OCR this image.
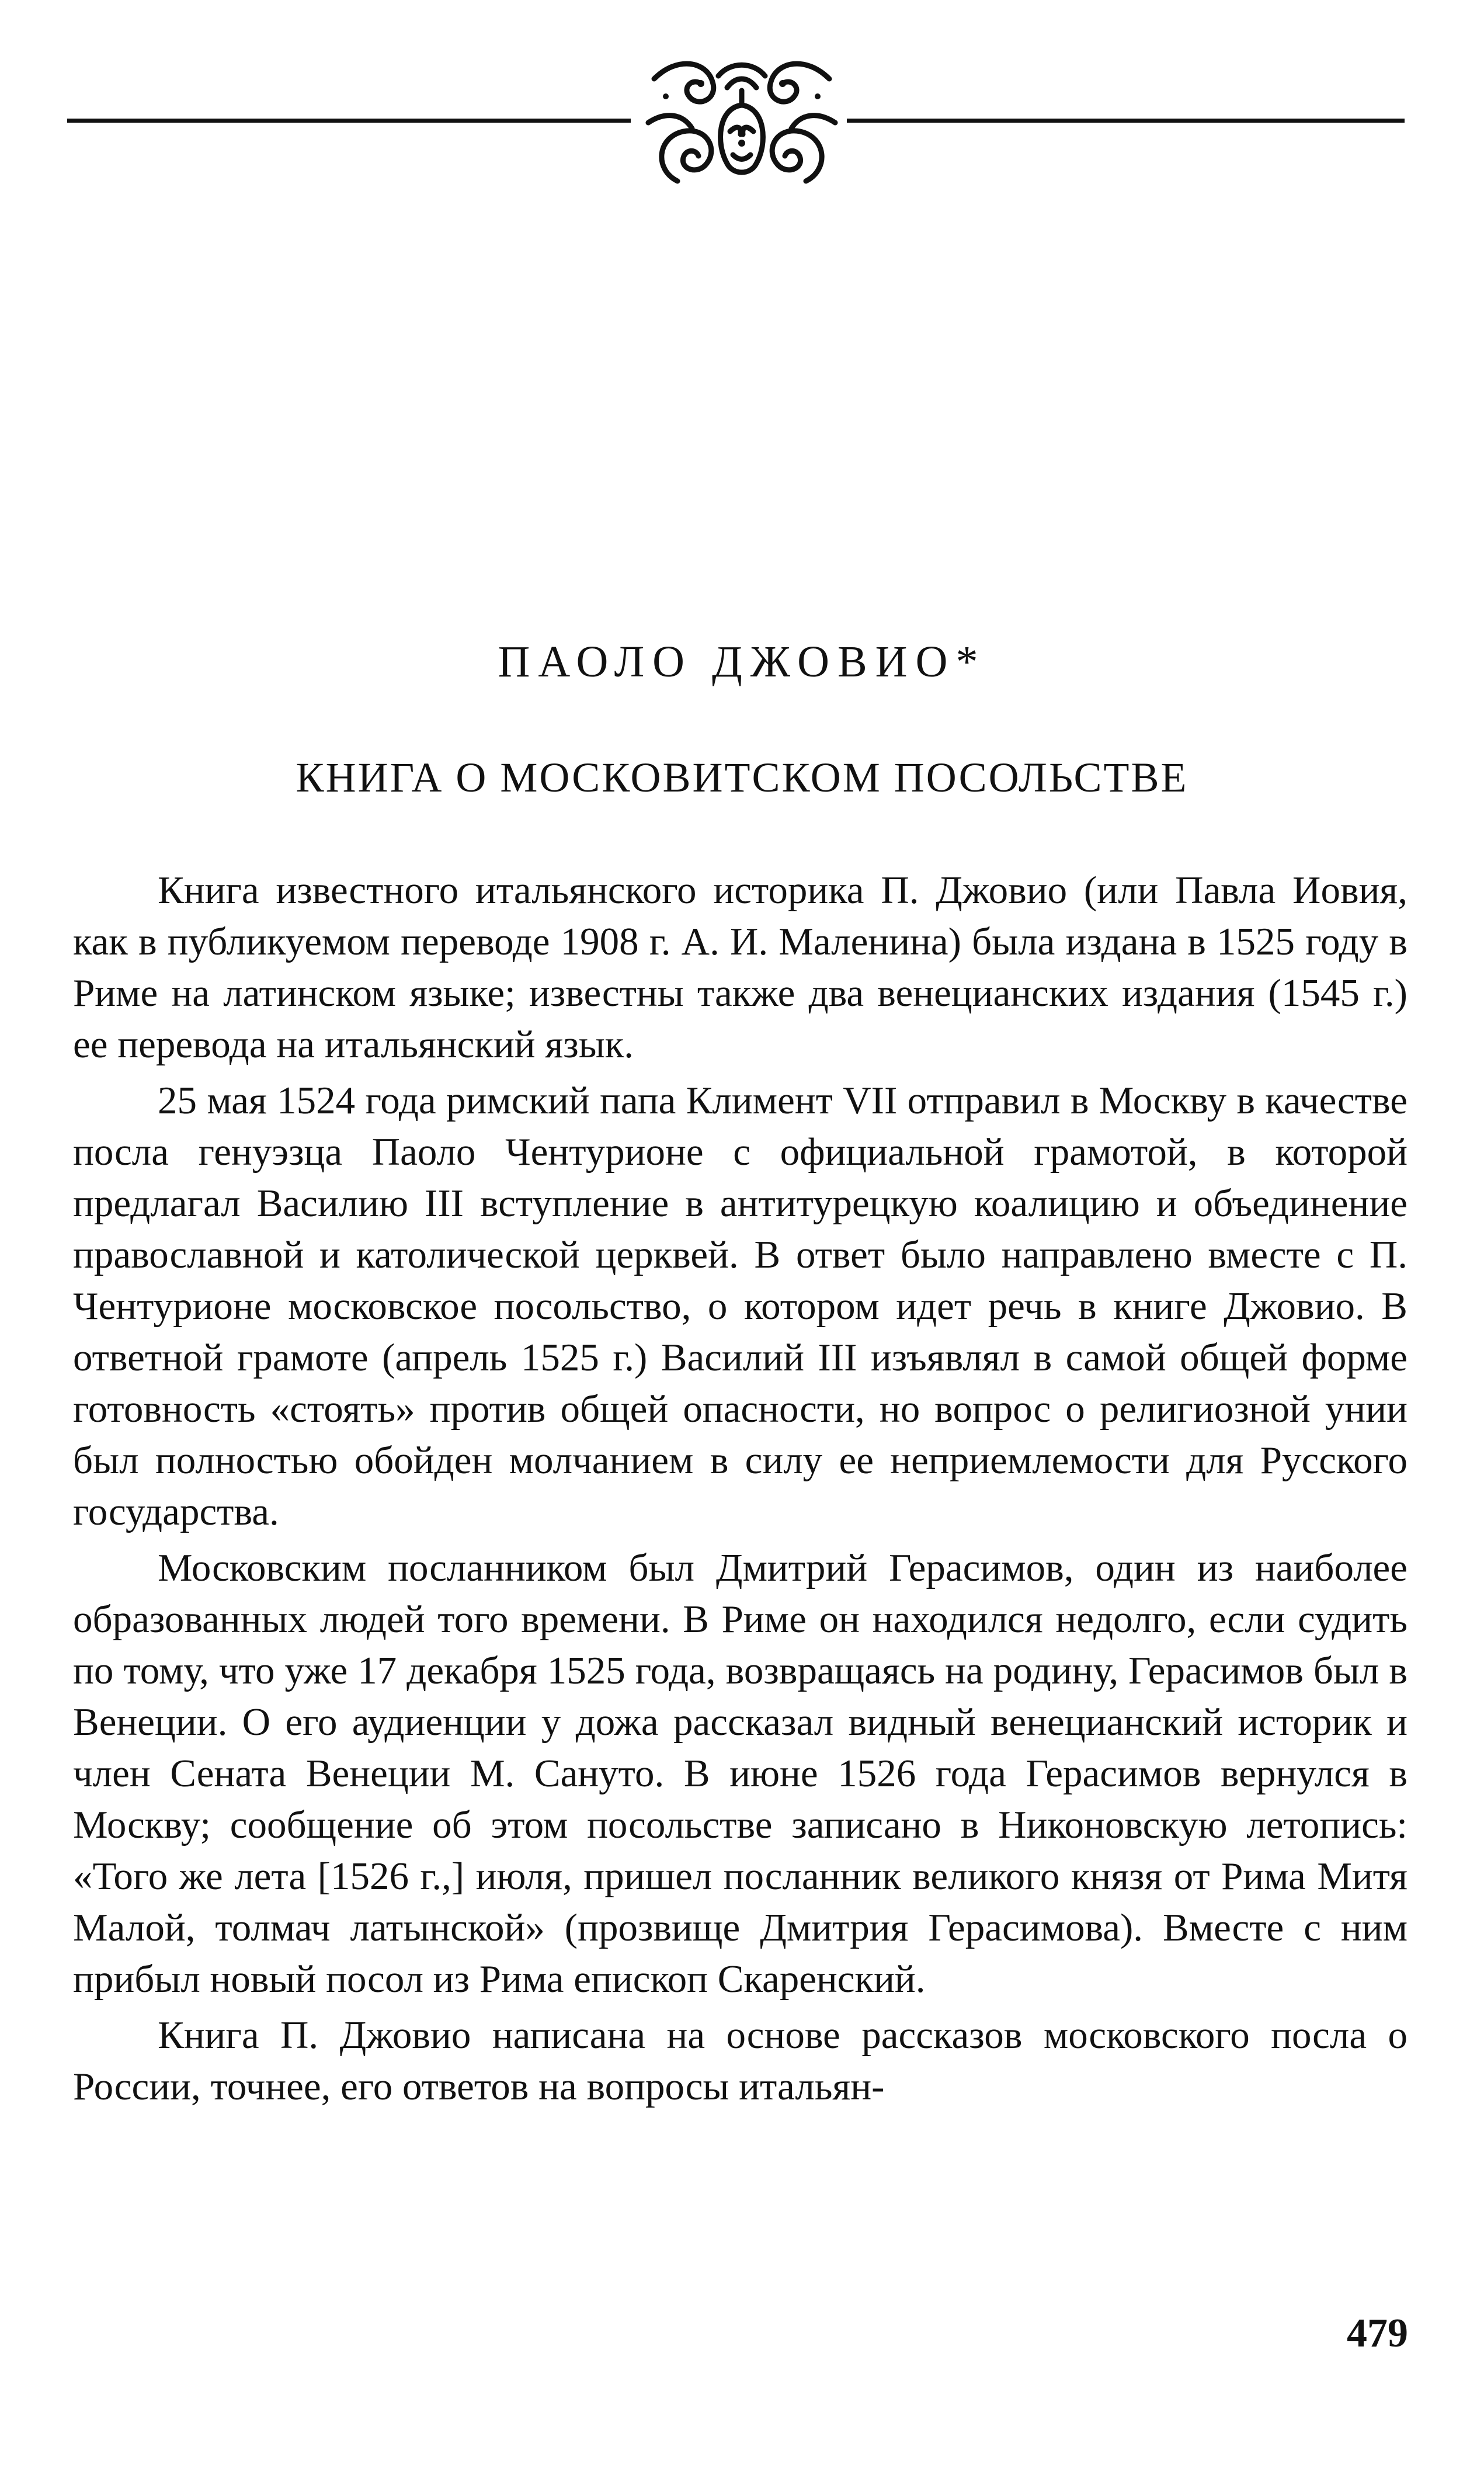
ПАОЛО ДЖОВИО*
КНИГА О МОСКОВИТСКОМ ПОСОЛЬСТВЕ

Книга известного итальянского историка П. Джовио (или Павла Иовия, как в публикуемом переводе 1908 г. А. И. Маленина) была издана в 1525 году в Риме на латинском языке; известны также два венецианских издания (1545 г.) ее перевода на итальянский язык.

25 мая 1524 года римский папа Климент VII отправил в Москву в качестве посла генуэзца Паоло Чентурионе с официальной грамотой, в которой предлагал Василию III вступление в антитурецкую коалицию и объединение православной и католической церквей. В ответ было направлено вместе с П. Чентурионе московское посольство, о котором идет речь в книге Джовио. В ответной грамоте (апрель 1525 г.) Василий III изъявлял в самой общей форме готовность «стоять» против общей опасности, но вопрос о религиозной унии был полностью обойден молчанием в силу ее неприемлемости для Русского государства.

Московским посланником был Дмитрий Герасимов, один из наиболее образованных людей того времени. В Риме он находился недолго, если судить по тому, что уже 17 декабря 1525 года, возвращаясь на родину, Герасимов был в Венеции. О его аудиенции у дожа рассказал видный венецианский историк и член Сената Венеции М. Сануто. В июне 1526 года Герасимов вернулся в Москву; сообщение об этом посольстве записано в Никоновскую летопись: «Того же лета [1526 г.,] июля, пришел посланник великого князя от Рима Митя Малой, толмач латынской» (прозвище Дмитрия Герасимова). Вместе с ним прибыл новый посол из Рима епископ Скаренский.

Книга П. Джовио написана на основе рассказов московского посла о России, точнее, его ответов на вопросы итальян-

479
